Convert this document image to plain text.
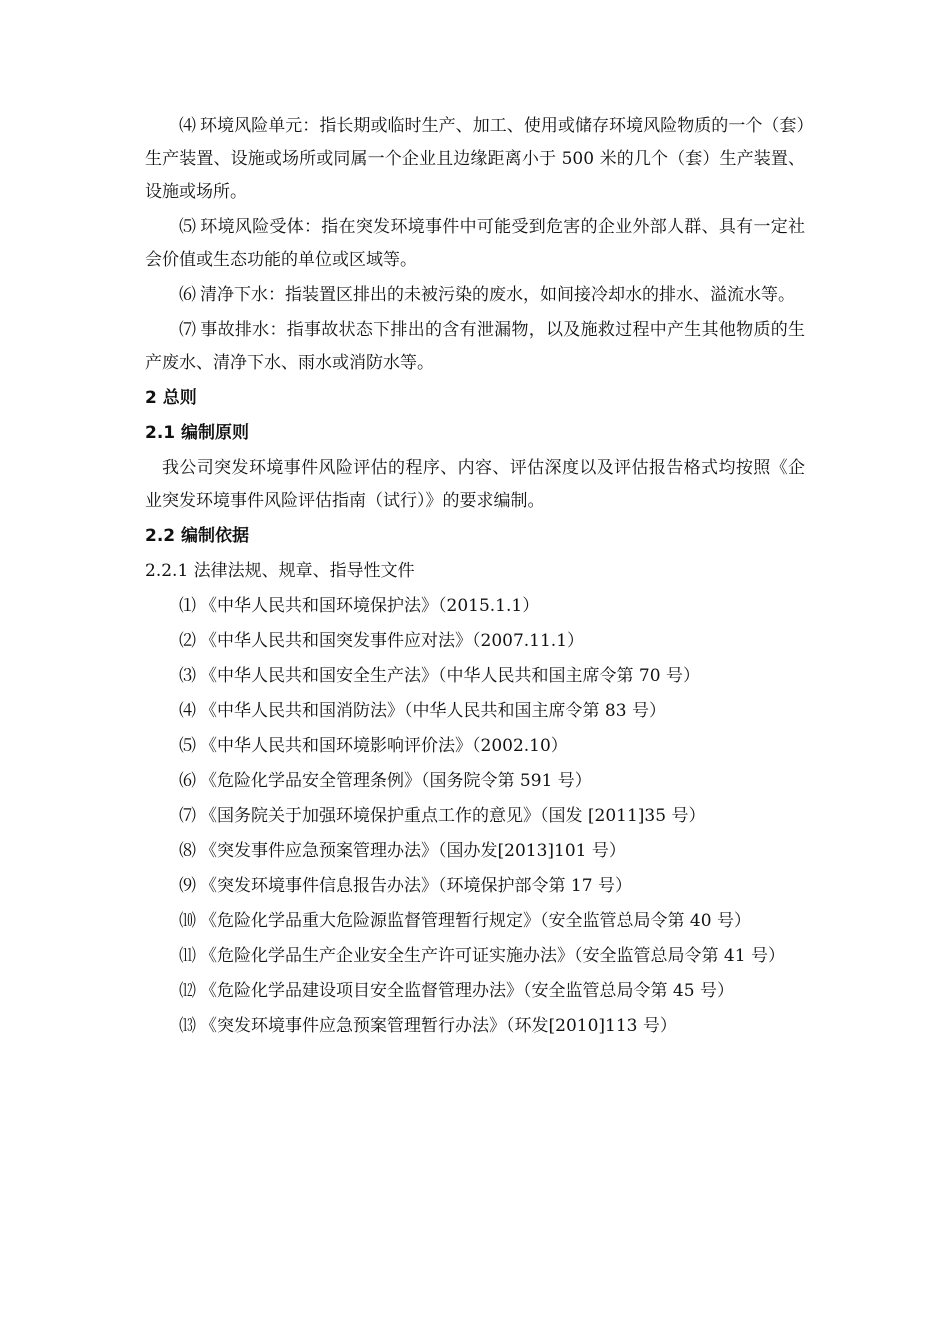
⑷ 环境风险单元：指长期或临时生产、加工、使用或储存环境风险物质的一个（套）生产装置、设施或场所或同属一个企业且边缘距离小于 500 米的几个（套）生产装置、设施或场所。

⑸ 环境风险受体：指在突发环境事件中可能受到危害的企业外部人群、具有一定社会价值或生态功能的单位或区域等。

⑹ 清净下水：指装置区排出的未被污染的废水，如间接冷却水的排水、溢流水等。

⑺ 事故排水：指事故状态下排出的含有泄漏物，以及施救过程中产生其他物质的生产废水、清净下水、雨水或消防水等。

2 总则
2.1 编制原则

我公司突发环境事件风险评估的程序、内容、评估深度以及评估报告格式均按照《企业突发环境事件风险评估指南（试行）》的要求编制。

2.2 编制依据
2.2.1 法律法规、规章、指导性文件
⑴ 《中华人民共和国环境保护法》（2015.1.1）
⑵ 《中华人民共和国突发事件应对法》（2007.11.1）
⑶ 《中华人民共和国安全生产法》（中华人民共和国主席令第 70 号）
⑷ 《中华人民共和国消防法》（中华人民共和国主席令第 83 号）
⑸ 《中华人民共和国环境影响评价法》（2002.10）
⑹ 《危险化学品安全管理条例》（国务院令第 591 号）
⑺ 《国务院关于加强环境保护重点工作的意见》（国发 [2011]35 号）
⑻ 《突发事件应急预案管理办法》（国办发[2013]101 号）
⑼ 《突发环境事件信息报告办法》（环境保护部令第 17 号）
⑽ 《危险化学品重大危险源监督管理暂行规定》（安全监管总局令第 40 号）
⑾ 《危险化学品生产企业安全生产许可证实施办法》（安全监管总局令第 41 号）
⑿ 《危险化学品建设项目安全监督管理办法》（安全监管总局令第 45 号）
⒀ 《突发环境事件应急预案管理暂行办法》（环发[2010]113 号）
